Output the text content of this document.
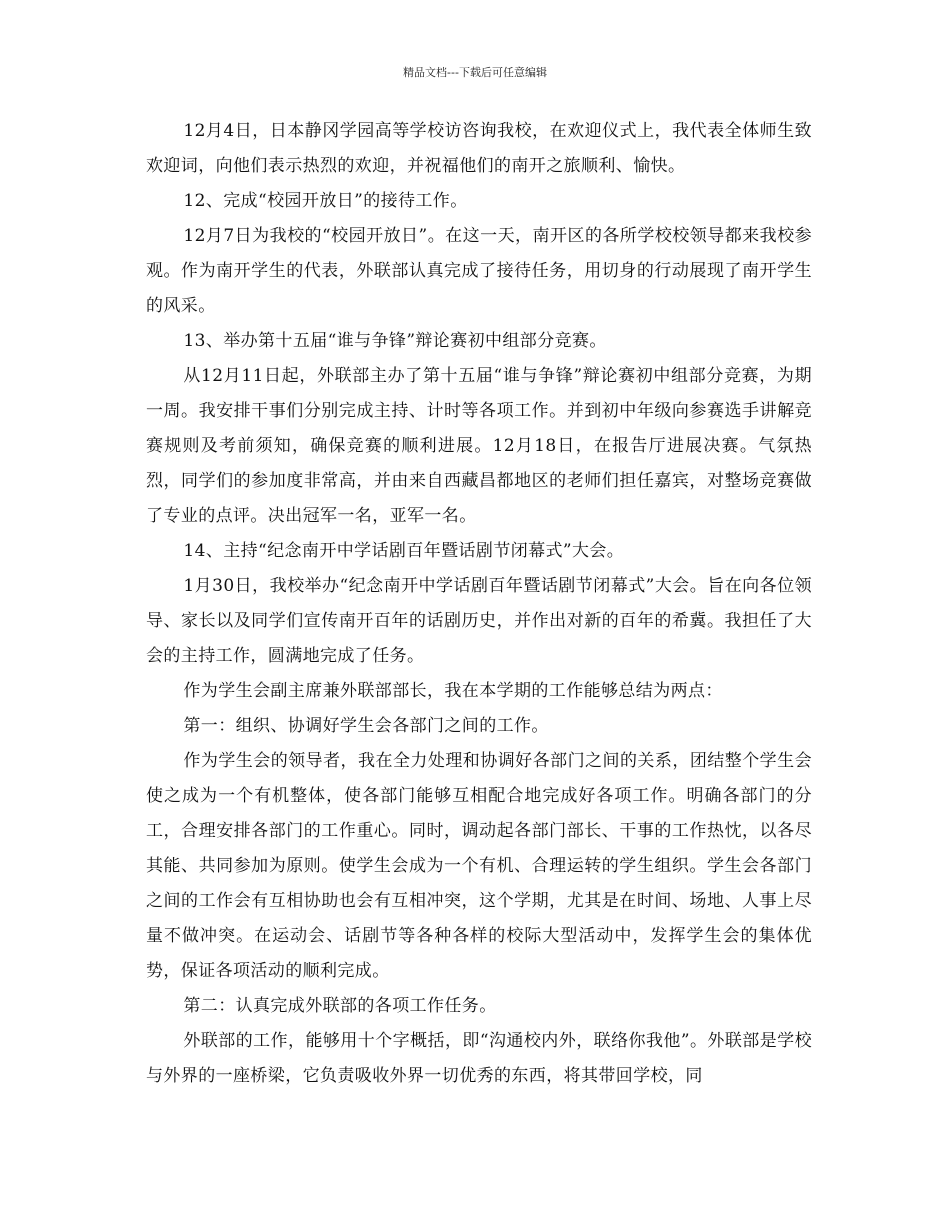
精品文档---下载后可任意编辑

12月4日，日本静冈学园高等学校访咨询我校，在欢迎仪式上，我代表全体师生致欢迎词，向他们表示热烈的欢迎，并祝福他们的南开之旅顺利、愉快。

12、完成“校园开放日”的接待工作。

12月7日为我校的“校园开放日”。在这一天，南开区的各所学校校领导都来我校参观。作为南开学生的代表，外联部认真完成了接待任务，用切身的行动展现了南开学生的风采。

13、举办第十五届“谁与争锋”辩论赛初中组部分竞赛。

从12月11日起，外联部主办了第十五届“谁与争锋”辩论赛初中组部分竞赛，为期一周。我安排干事们分别完成主持、计时等各项工作。并到初中年级向参赛选手讲解竞赛规则及考前须知，确保竞赛的顺利进展。12月18日，在报告厅进展决赛。气氛热烈，同学们的参加度非常高，并由来自西藏昌都地区的老师们担任嘉宾，对整场竞赛做了专业的点评。决出冠军一名，亚军一名。

14、主持“纪念南开中学话剧百年暨话剧节闭幕式”大会。

1月30日，我校举办“纪念南开中学话剧百年暨话剧节闭幕式”大会。旨在向各位领导、家长以及同学们宣传南开百年的话剧历史，并作出对新的百年的希冀。我担任了大会的主持工作，圆满地完成了任务。

作为学生会副主席兼外联部部长，我在本学期的工作能够总结为两点：

第一：组织、协调好学生会各部门之间的工作。

作为学生会的领导者，我在全力处理和协调好各部门之间的关系，团结整个学生会使之成为一个有机整体，使各部门能够互相配合地完成好各项工作。明确各部门的分工，合理安排各部门的工作重心。同时，调动起各部门部长、干事的工作热忱，以各尽其能、共同参加为原则。使学生会成为一个有机、合理运转的学生组织。学生会各部门之间的工作会有互相协助也会有互相冲突，这个学期，尤其是在时间、场地、人事上尽量不做冲突。在运动会、话剧节等各种各样的校际大型活动中，发挥学生会的集体优势，保证各项活动的顺利完成。

第二：认真完成外联部的各项工作任务。

外联部的工作，能够用十个字概括，即“沟通校内外，联络你我他”。外联部是学校与外界的一座桥梁，它负责吸收外界一切优秀的东西，将其带回学校，同
